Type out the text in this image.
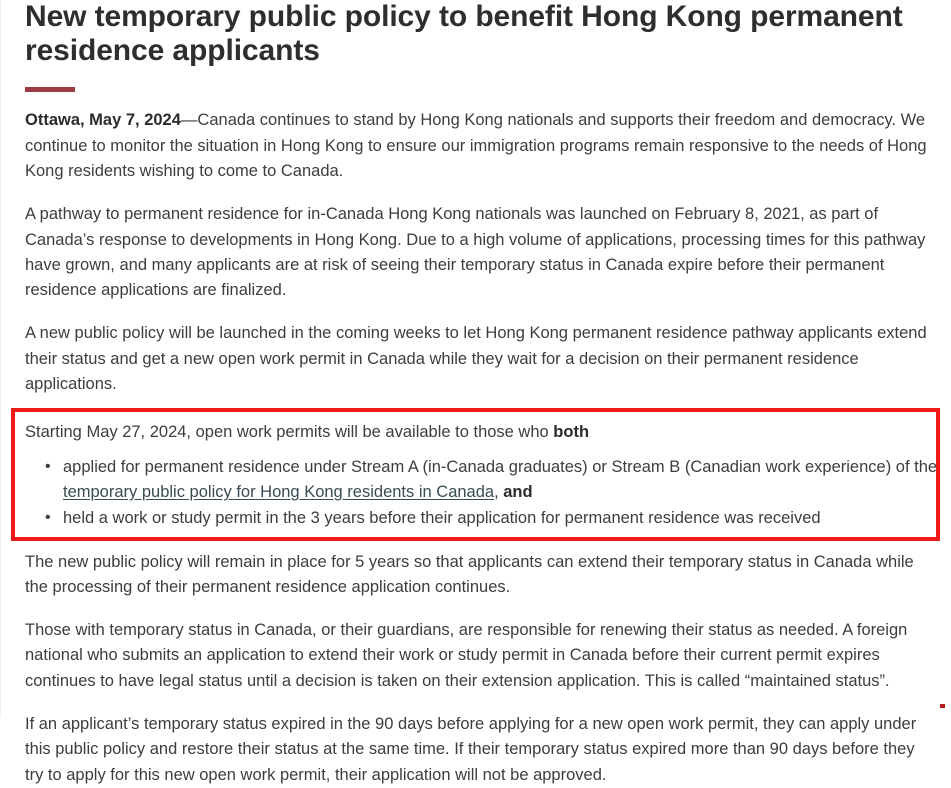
New temporary public policy to benefit Hong Kong permanent residence applicants

Ottawa, May 7, 2024—Canada continues to stand by Hong Kong nationals and supports their freedom and democracy. We continue to monitor the situation in Hong Kong to ensure our immigration programs remain responsive to the needs of Hong Kong residents wishing to come to Canada.

A pathway to permanent residence for in-Canada Hong Kong nationals was launched on February 8, 2021, as part of Canada’s response to developments in Hong Kong. Due to a high volume of applications, processing times for this pathway have grown, and many applicants are at risk of seeing their temporary status in Canada expire before their permanent residence applications are finalized.

A new public policy will be launched in the coming weeks to let Hong Kong permanent residence pathway applicants extend their status and get a new open work permit in Canada while they wait for a decision on their permanent residence applications.

Starting May 27, 2024, open work permits will be available to those who both

• applied for permanent residence under Stream A (in-Canada graduates) or Stream B (Canadian work experience) of the temporary public policy for Hong Kong residents in Canada, and
• held a work or study permit in the 3 years before their application for permanent residence was received

The new public policy will remain in place for 5 years so that applicants can extend their temporary status in Canada while the processing of their permanent residence application continues.

Those with temporary status in Canada, or their guardians, are responsible for renewing their status as needed. A foreign national who submits an application to extend their work or study permit in Canada before their current permit expires continues to have legal status until a decision is taken on their extension application. This is called “maintained status”.

If an applicant’s temporary status expired in the 90 days before applying for a new open work permit, they can apply under this public policy and restore their status at the same time. If their temporary status expired more than 90 days before they try to apply for this new open work permit, their application will not be approved.
